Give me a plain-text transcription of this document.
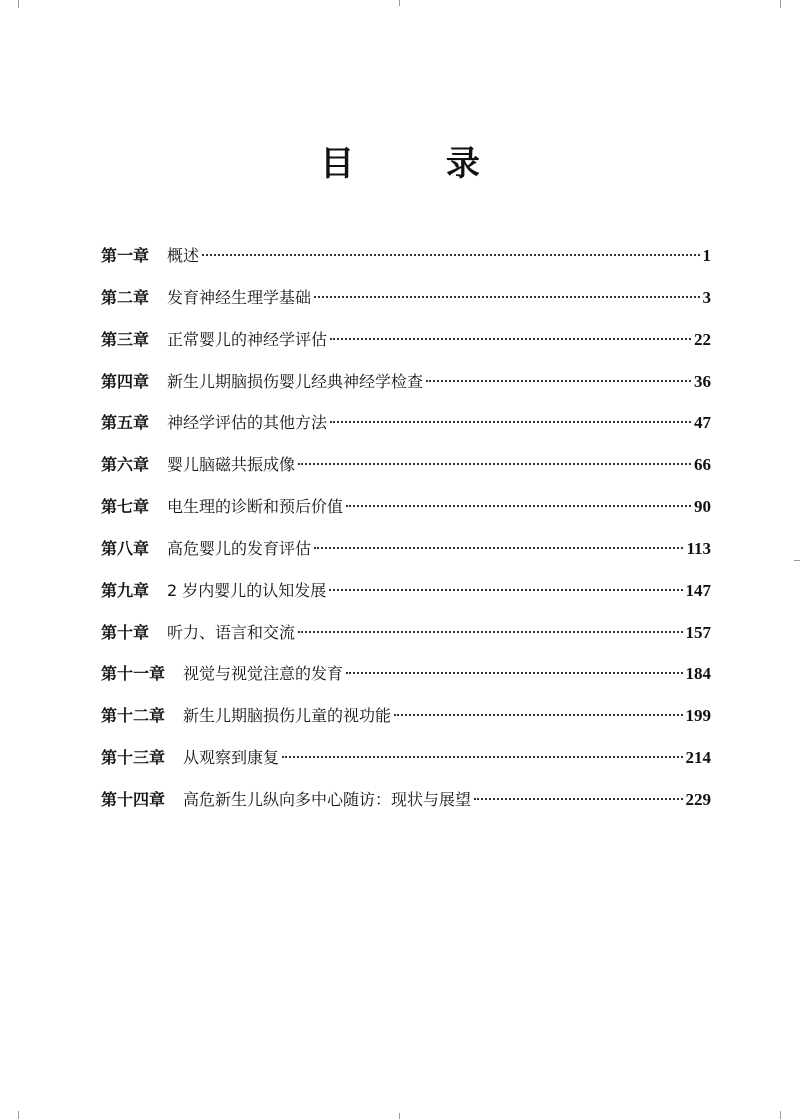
目 录
第一章 概述	1
第二章 发育神经生理学基础	3
第三章 正常婴儿的神经学评估	22
第四章 新生儿期脑损伤婴儿经典神经学检查	36
第五章 神经学评估的其他方法	47
第六章 婴儿脑磁共振成像	66
第七章 电生理的诊断和预后价值	90
第八章 高危婴儿的发育评估	113
第九章 2 岁内婴儿的认知发展	147
第十章 听力、语言和交流	157
第十一章 视觉与视觉注意的发育	184
第十二章 新生儿期脑损伤儿童的视功能	199
第十三章 从观察到康复	214
第十四章 高危新生儿纵向多中心随访：现状与展望	229
